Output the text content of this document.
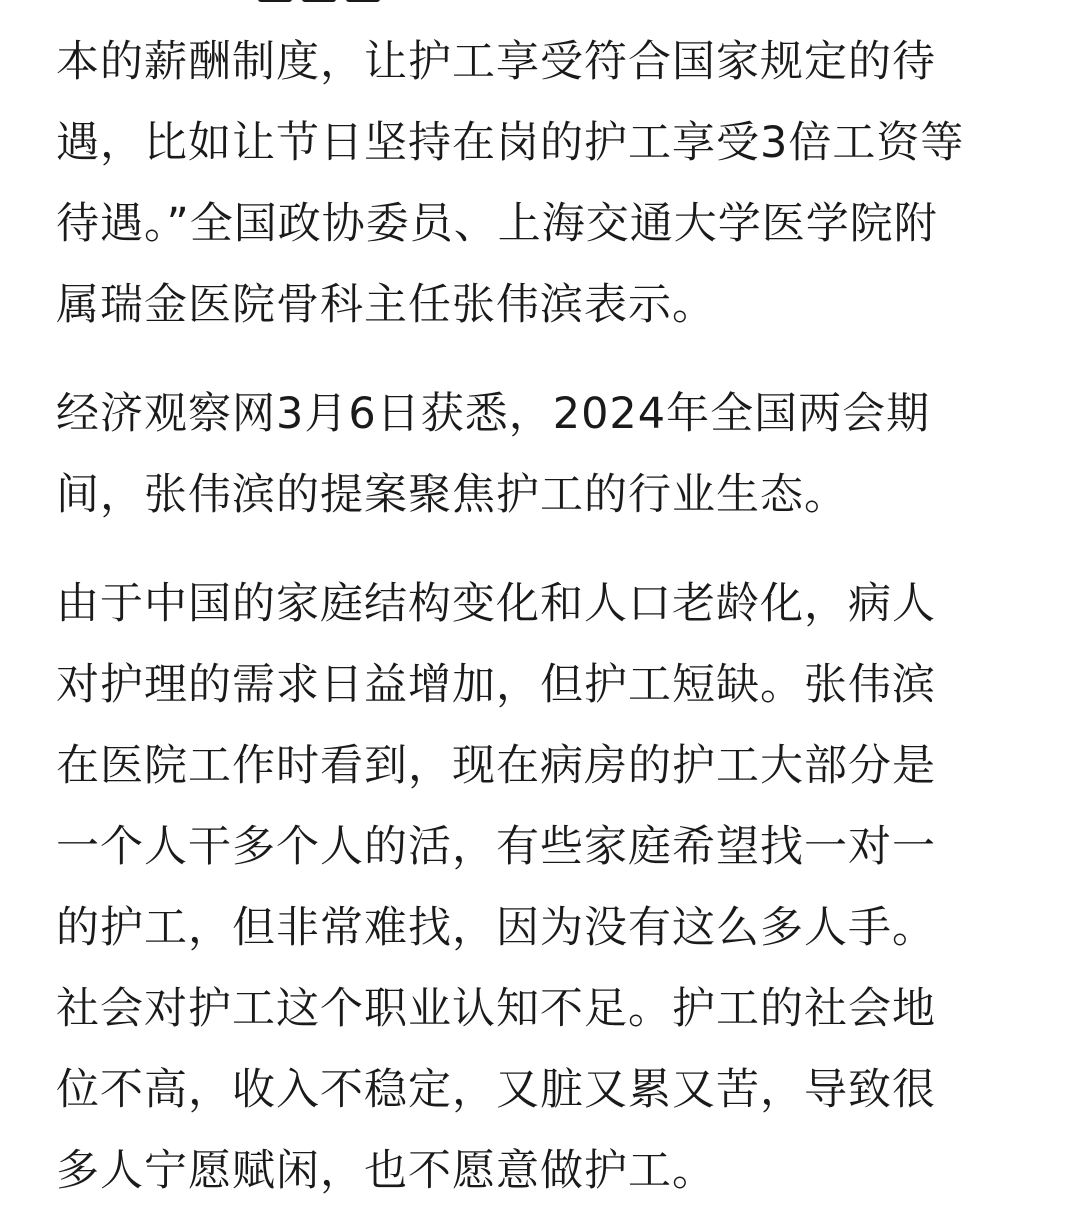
本的薪酬制度，让护工享受符合国家规定的待
遇，比如让节日坚持在岗的护工享受3倍工资等
待遇。”全国政协委员、上海交通大学医学院附
属瑞金医院骨科主任张伟滨表示。

经济观察网3月6日获悉，2024年全国两会期
间，张伟滨的提案聚焦护工的行业生态。

由于中国的家庭结构变化和人口老龄化，病人
对护理的需求日益增加，但护工短缺。张伟滨
在医院工作时看到，现在病房的护工大部分是
一个人干多个人的活，有些家庭希望找一对一
的护工，但非常难找，因为没有这么多人手。
社会对护工这个职业认知不足。护工的社会地
位不高，收入不稳定，又脏又累又苦，导致很
多人宁愿赋闲，也不愿意做护工。
